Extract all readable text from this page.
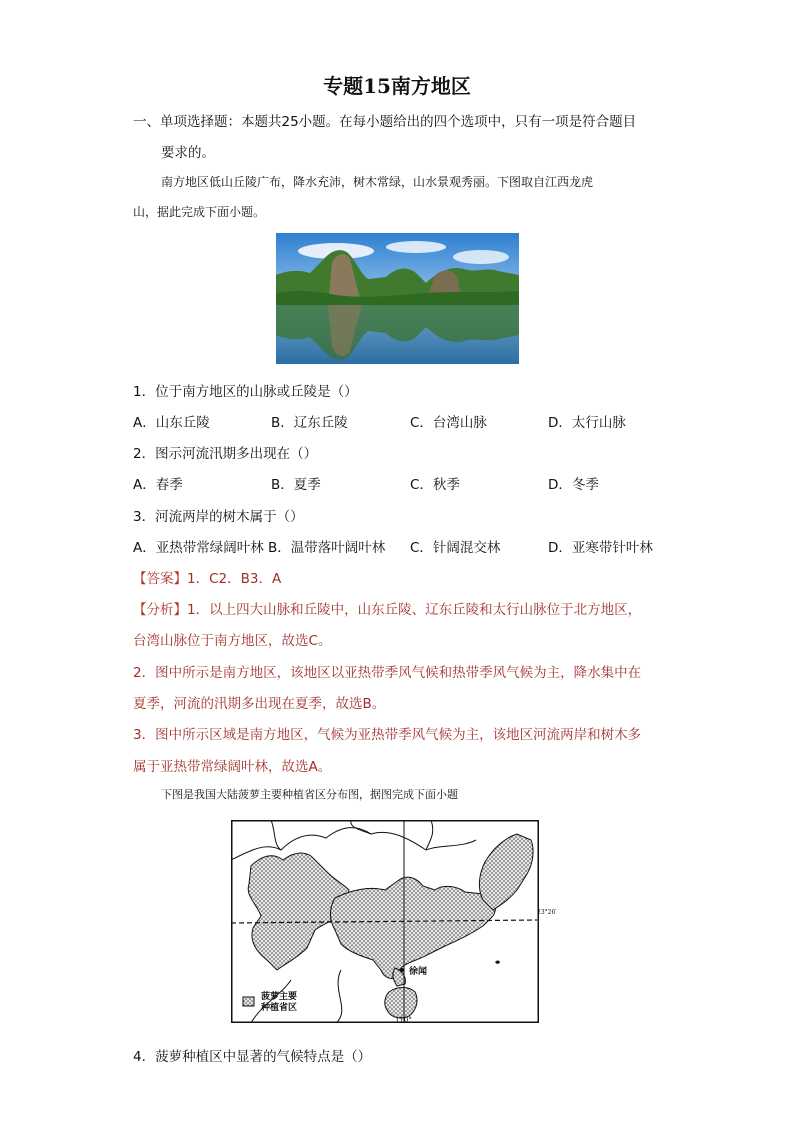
专题15南方地区
一、单项选择题：本题共25小题。在每小题给出的四个选项中，只有一项是符合题目
要求的。
南方地区低山丘陵广布，降水充沛，树木常绿，山水景观秀丽。下图取自江西龙虎
山，据此完成下面小题。
1．位于南方地区的山脉或丘陵是（）
A．山东丘陵	B．辽东丘陵	C．台湾山脉	D．太行山脉
2．图示河流汛期多出现在（）
A．春季	B．夏季	C．秋季	D．冬季
3．河流两岸的树木属于（）
A．亚热带常绿阔叶林 B．温带落叶阔叶林 C．针阔混交林	D．亚寒带针叶林
【答案】1．C2．B3．A
【分析】1．以上四大山脉和丘陵中，山东丘陵、辽东丘陵和太行山脉位于北方地区，
台湾山脉位于南方地区，故选C。
2．图中所示是南方地区，该地区以亚热带季风气候和热带季风气候为主，降水集中在
夏季，河流的汛期多出现在夏季，故选B。
3．图中所示区域是南方地区，气候为亚热带季风气候为主，该地区河流两岸和树木多
属于亚热带常绿阔叶林，故选A。
下图是我国大陆菠萝主要种植省区分布图，据图完成下面小题
23°26′
110°
徐闻
菠萝主要
种植省区
4．菠萝种植区中显著的气候特点是（）
